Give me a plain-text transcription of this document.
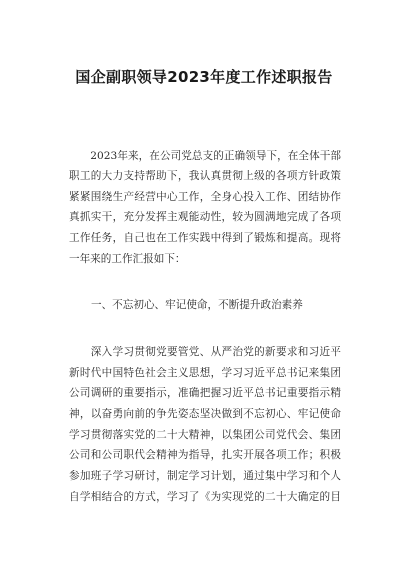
国企副职领导2023年度工作述职报告
　　2023年来，在公司党总支的正确领导下，在全体干部
职工的大力支持帮助下，我认真贯彻上级的各项方针政策
紧紧围绕生产经营中心工作，全身心投入工作、团结协作
真抓实干，充分发挥主观能动性，较为圆满地完成了各项
工作任务，自己也在工作实践中得到了锻炼和提高。现将
一年来的工作汇报如下：
一、不忘初心、牢记使命，不断提升政治素养
　　深入学习贯彻党要管党、从严治党的新要求和习近平
新时代中国特色社会主义思想，学习习近平总书记来集团
公司调研的重要指示，准确把握习近平总书记重要指示精
神，以奋勇向前的争先姿态坚决做到不忘初心、牢记使命
学习贯彻落实党的二十大精神，以集团公司党代会、集团
公司和公司职代会精神为指导，扎实开展各项工作；积极
参加班子学习研讨，制定学习计划，通过集中学习和个人
自学相结合的方式，学习了《为实现党的二十大确定的目
